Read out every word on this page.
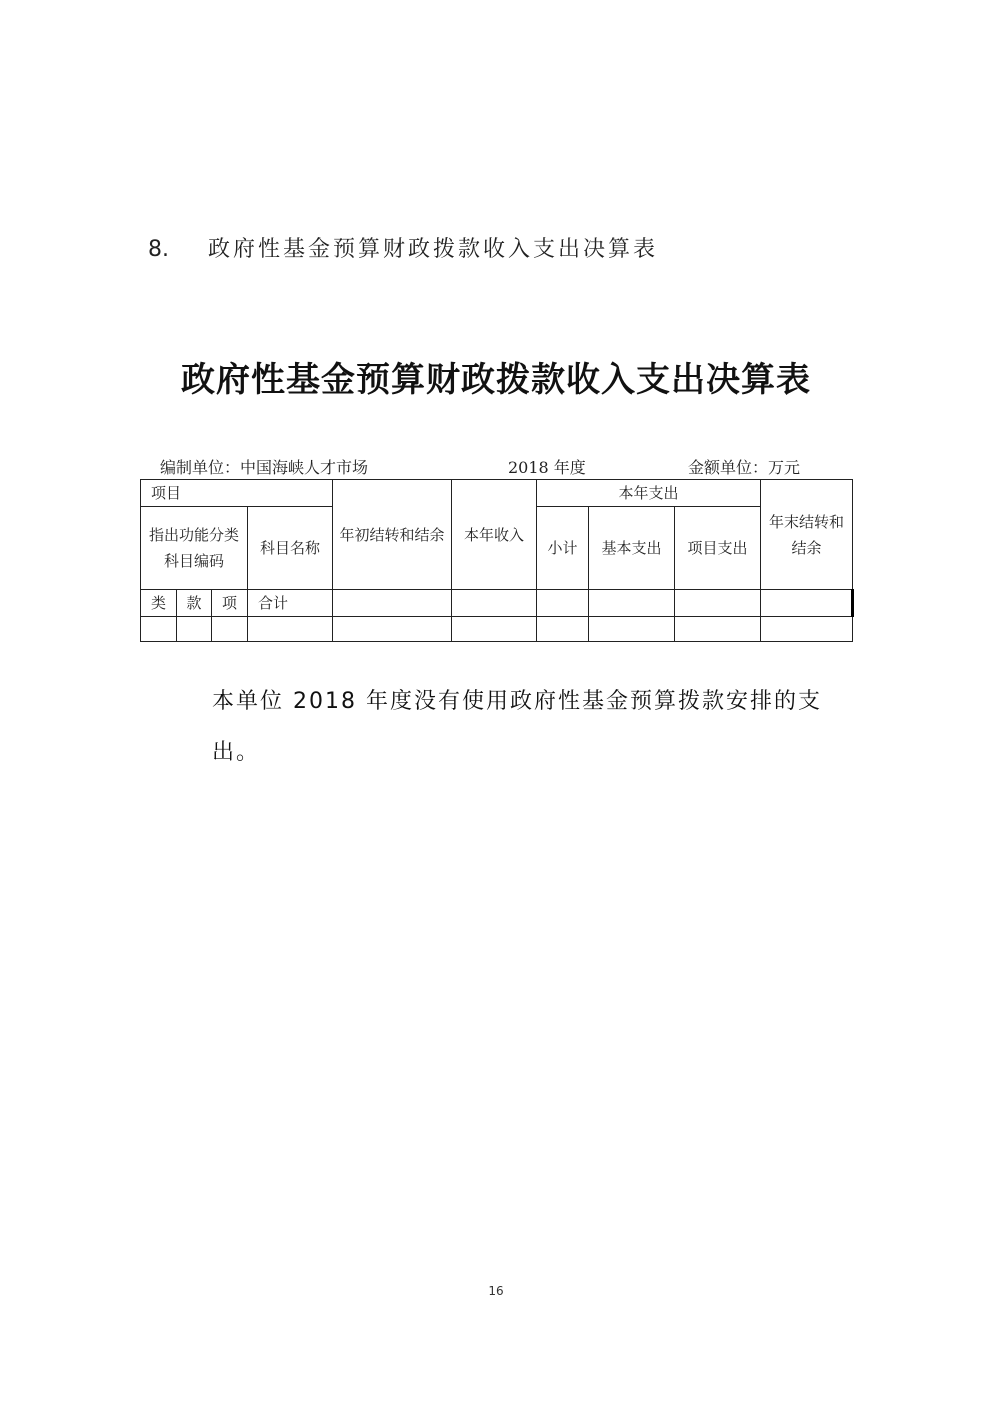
8. 政府性基金预算财政拨款收入支出决算表
政府性基金预算财政拨款收入支出决算表
编制单位：中国海峡人才市场	2018 年度	金额单位：万元
项目				年初结转和结余	本年收入	本年支出			年末结转和结余
指出功能分类科目编码			科目名称			小计	基本支出	项目支出	
类	款	项	合计						

本单位 2018 年度没有使用政府性基金预算拨款安排的支出。
16
